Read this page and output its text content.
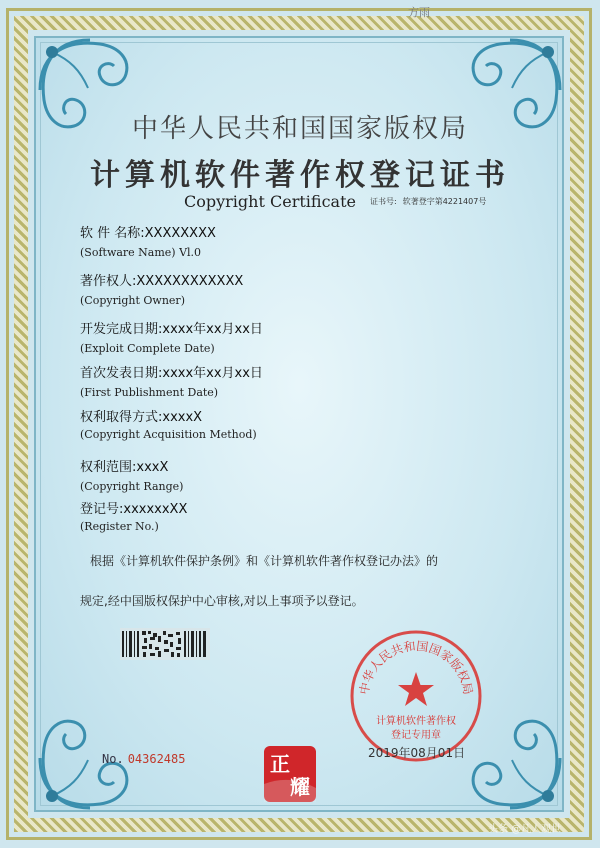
方雨
中华人民共和国国家版权局
计算机软件著作权登记证书
Copyright Certificate 证书号: 软著登字第4221407号
软 件 名称:XXXXXXXX
(Software Name) Vl.0
著作权人:XXXXXXXXXXXX
(Copyright Owner)
开发完成日期:xxxx年xx月xx日
(Exploit Complete Date)
首次发表日期:xxxx年xx月xx日
(First Publishment Date)
权利取得方式:xxxxX
(Copyright Acquisition Method)
权利范围:xxxX
(Copyright Range)
登记号:xxxxxxXX
(Register No.)
根据《计算机软件保护条例》和《计算机软件著作权登记办法》的
规定,经中国版权保护中心审核,对以上事项予以登记。
No. 04362485
中华人民共和国国家版权局
计算机软件著作权
登记专用章
2019年08月01日
正
耀
头条 @凡人观世
